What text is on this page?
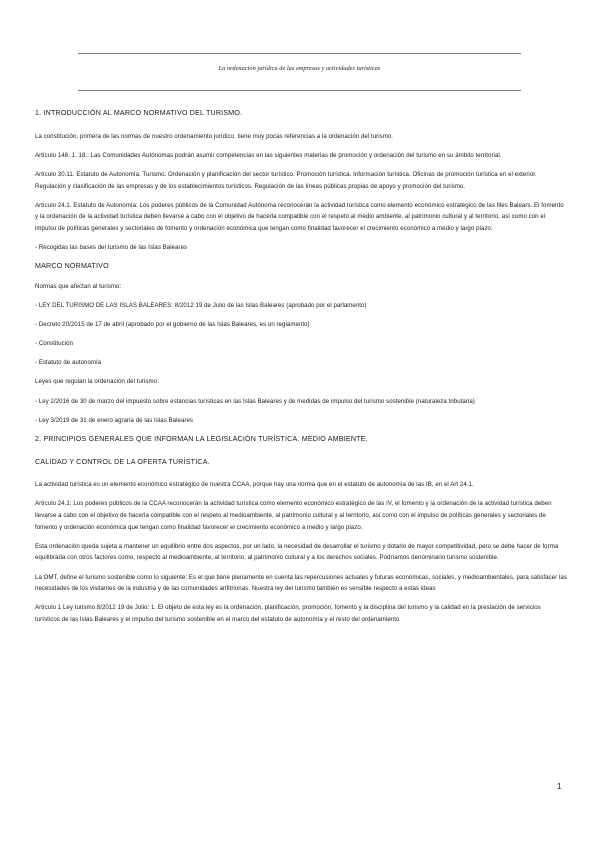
La ordenación jurídica de las empresas y actividades turísticas

1. INTRODUCCIÓN AL MARCO NORMATIVO DEL TURISMO.

La constitución, primera de las normas de nuestro ordenamiento jurídico, tiene muy pocas referencias a la ordenación del turismo.

Artículo 148. 1. 18.: Las Comunidades Autónomas podrán asumir competencias en las siguientes materias de promoción y ordenación del turismo en su ámbito territorial.

Artículo 30.11. Estatuto de Autonomía: Turismo. Ordenación y planificación del sector turístico. Promoción turística. Información turística. Oficinas de promoción turística en el exterior. Regulación y clasificación de las empresas y de los establecimientos turísticos. Regulación de las líneas públicas propias de apoyo y promoción del turismo.

Artículo 24.1. Estatuto de Autonomía: Los poderes públicos de la Comunidad Autónoma reconocerán la actividad turística como elemento económico estratégico de las Illes Balears. El fomento y la ordenación de la actividad turística deben llevarse a cabo con el objetivo de hacerla compatible con el respeto al medio ambiente, al patrimonio cultural y al territorio, así como con el impulso de políticas generales y sectoriales de fomento y ordenación económica que tengan como finalidad favorecer el crecimiento económico a medio y largo plazo.

- Recogidas las bases del turismo de las Islas Baleares

MARCO NORMATIVO

Normas que afectan al turismo:

- LEY DEL TURISMO DE LAS ISLAS BALEARES: 8/2012 19 de Julio de las Islas Baleares (aprobado por el parlamento)

- Decreto 20/2015 de 17 de abril (aprobado por el gobierno de las Islas Baleares, es un reglamento)

- Constitución

- Estatuto de autonomía

Leyes que regulan la ordenación del turismo:

- Ley 2/2016 de 30 de marzo del impuesto sobre estancias turísticas en las Islas Baleares y de medidas de impulso del turismo sostenible (naturaleza tributaria)

- Ley 3/2019 de 31 de enero agraria de las Islas Baleares

2. PRINCIPIOS GENERALES QUE INFORMAN LA LEGISLACIÓN TURÍSTICA. MEDIO AMBIENTE,

CALIDAD Y CONTROL DE LA OFERTA TURÍSTICA.

La actividad turística es un elemento económico estratégico de nuestra CCAA, porque hay una norma que en el estatuto de autonomía de las IB, en el Art 24.1.

Artículo 24.1: Los poderes públicos de la CCAA reconocerán la actividad turística como elemento económico estratégico de las IV, el fomento y la ordenación de la actividad turística deben llevarse a cabo con el objetivo de hacerla compatible con el respeto al medioambiente, al patrimonio cultural y al territorio, así como con el impulso de políticas generales y sectoriales de fomento y ordenación económica que tengan como finalidad favorecer el crecimiento económico a medio y largo plazo.

Esta ordenación queda sujeta a mantener un equilibrio entre dos aspectos, por un lado, la necesidad de desarrollar el turismo y dotarlo de mayor competitividad, pero se debe hacer de forma equilibrada con otros factores como, respecto al medioambiente, al territorio, al patrimonio cultural y a los derechos sociales. Podríamos denominarlo turismo sostenible.

La OMT, define el turismo sostenible como lo siguiente: Es el que tiene plenamente en cuenta las repercusiones actuales y futuras económicas, sociales, y medioambientales, para satisfacer las necesidades de los visitantes de la industria y de las comunidades anfitrionas. Nuestra ley del turismo también es sensible respecto a estas ideas

Artículo 1 Ley turismo 8/2012 19 de Julio: 1. El objeto de esta ley es la ordenación, planificación, promoción, fomento y la disciplina del turismo y la calidad en la prestación de servicios turísticos de las Islas Baleares y el impulso del turismo sostenible en el marco del estatuto de autonomía y el resto del ordenamiento

1
